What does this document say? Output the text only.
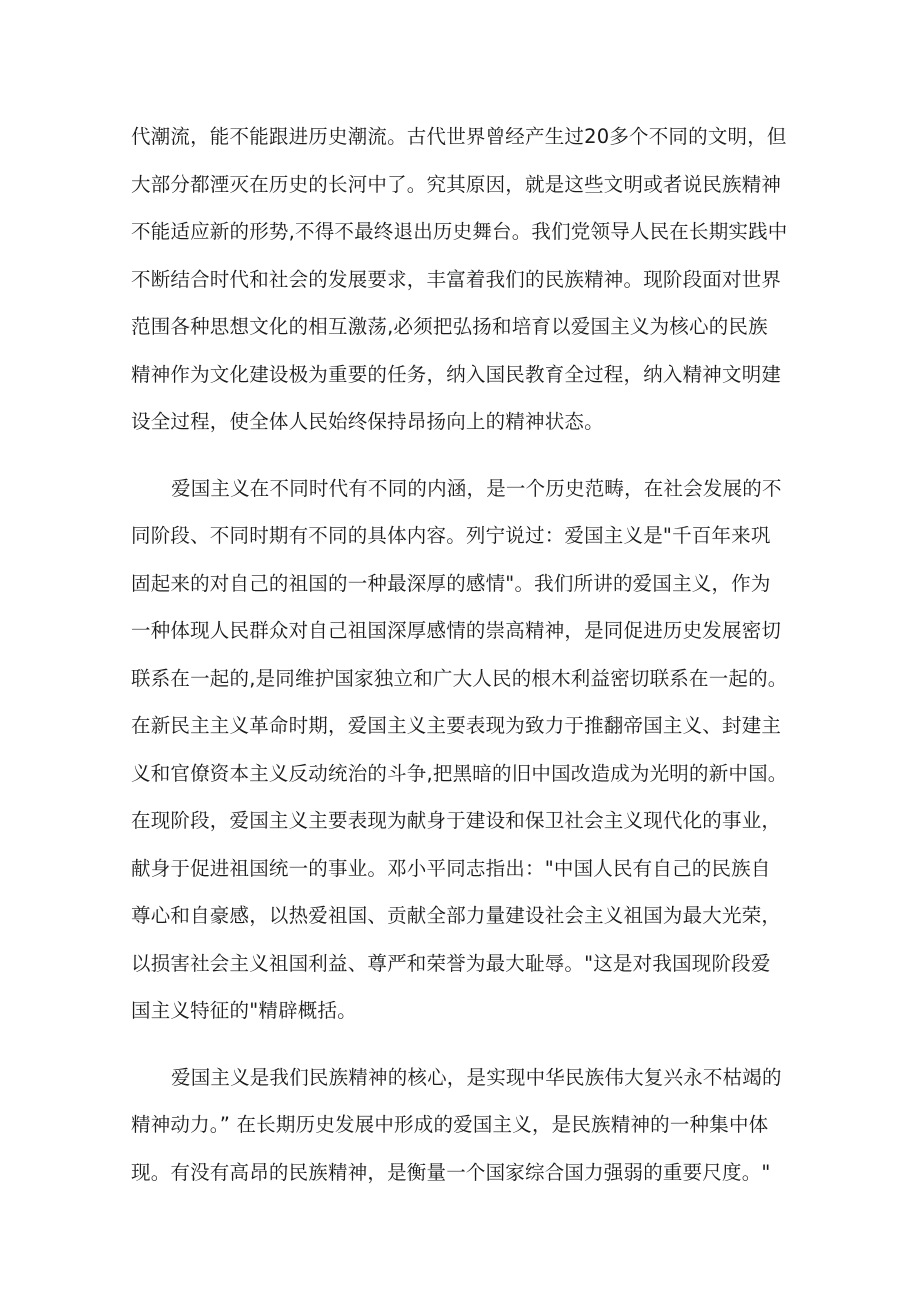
代潮流，能不能跟进历史潮流。古代世界曾经产生过20多个不同的文明，但
大部分都湮灭在历史的长河中了。究其原因，就是这些文明或者说民族精神
不能适应新的形势,不得不最终退出历史舞台。我们党领导人民在长期实践中
不断结合时代和社会的发展要求，丰富着我们的民族精神。现阶段面对世界
范围各种思想文化的相互激荡,必须把弘扬和培育以爱国主义为核心的民族
精神作为文化建设极为重要的任务，纳入国民教育全过程，纳入精神文明建
设全过程，使全体人民始终保持昂扬向上的精神状态。
爱国主义在不同时代有不同的内涵，是一个历史范畴，在社会发展的不
同阶段、不同时期有不同的具体内容。列宁说过：爱国主义是"千百年来巩
固起来的对自己的祖国的一种最深厚的感情"。我们所讲的爱国主义，作为
一种体现人民群众对自己祖国深厚感情的崇高精神，是同促进历史发展密切
联系在一起的,是同维护国家独立和广大人民的根木利益密切联系在一起的。
在新民主主义革命时期，爱国主义主要表现为致力于推翻帝国主义、封建主
义和官僚资本主义反动统治的斗争,把黑暗的旧中国改造成为光明的新中国。
在现阶段，爱国主义主要表现为献身于建设和保卫社会主义现代化的事业，
献身于促进祖国统一的事业。邓小平同志指出："中国人民有自己的民族自
尊心和自豪感，以热爱祖国、贡献全部力量建设社会主义祖国为最大光荣，
以损害社会主义祖国利益、尊严和荣誉为最大耻辱。"这是对我国现阶段爱
国主义特征的"精辟概括。
爱国主义是我们民族精神的核心，是实现中华民族伟大复兴永不枯竭的
精神动力。” 在长期历史发展中形成的爱国主义，是民族精神的一种集中体
现。有没有高昂的民族精神，是衡量一个国家综合国力强弱的重要尺度。"
